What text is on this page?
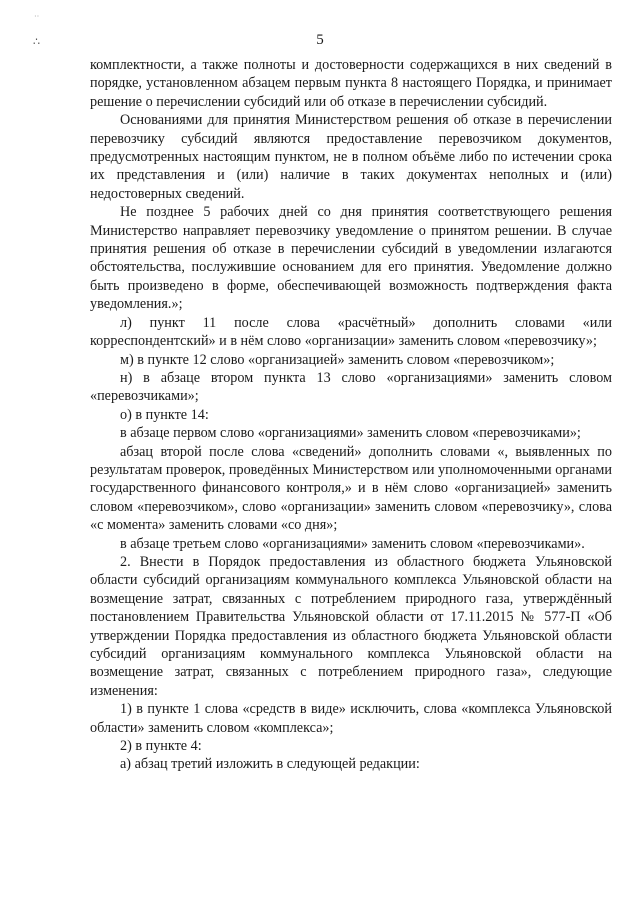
··
∴	5

комплектности, а также полноты и достоверности содержащихся в них сведений в порядке, установленном абзацем первым пункта 8 настоящего Порядка, и принимает решение о перечислении субсидий или об отказе в перечислении субсидий.

Основаниями для принятия Министерством решения об отказе в перечислении перевозчику субсидий являются предоставление перевозчиком документов, предусмотренных настоящим пунктом, не в полном объёме либо по истечении срока их представления и (или) наличие в таких документах неполных и (или) недостоверных сведений.

Не позднее 5 рабочих дней со дня принятия соответствующего решения Министерство направляет перевозчику уведомление о принятом решении. В случае принятия решения об отказе в перечислении субсидий в уведомлении излагаются обстоятельства, послужившие основанием для его принятия. Уведомление должно быть произведено в форме, обеспечивающей возможность подтверждения факта уведомления.»;

л) пункт 11 после слова «расчётный» дополнить словами «или корреспондентский» и в нём слово «организации» заменить словом «перевозчику»;

м) в пункте 12 слово «организацией» заменить словом «перевозчиком»;

н) в абзаце втором пункта 13 слово «организациями» заменить словом «перевозчиками»;

о) в пункте 14:

в абзаце первом слово «организациями» заменить словом «перевозчиками»;

абзац второй после слова «сведений» дополнить словами «, выявленных по результатам проверок, проведённых Министерством или уполномоченными органами государственного финансового контроля,» и в нём слово «организацией» заменить словом «перевозчиком», слово «организации» заменить словом «перевозчику», слова «с момента» заменить словами «со дня»;

в абзаце третьем слово «организациями» заменить словом «перевозчиками».

2. Внести в Порядок предоставления из областного бюджета Ульяновской области субсидий организациям коммунального комплекса Ульяновской области на возмещение затрат, связанных с потреблением природного газа, утверждённый постановлением Правительства Ульяновской области от 17.11.2015 № 577-П «Об утверждении Порядка предоставления из областного бюджета Ульяновской области субсидий организациям коммунального комплекса Ульяновской области на возмещение затрат, связанных с потреблением природного газа», следующие изменения:

1) в пункте 1 слова «средств в виде» исключить, слова «комплекса Ульяновской области» заменить словом «комплекса»;

2) в пункте 4:

а) абзац третий изложить в следующей редакции:
